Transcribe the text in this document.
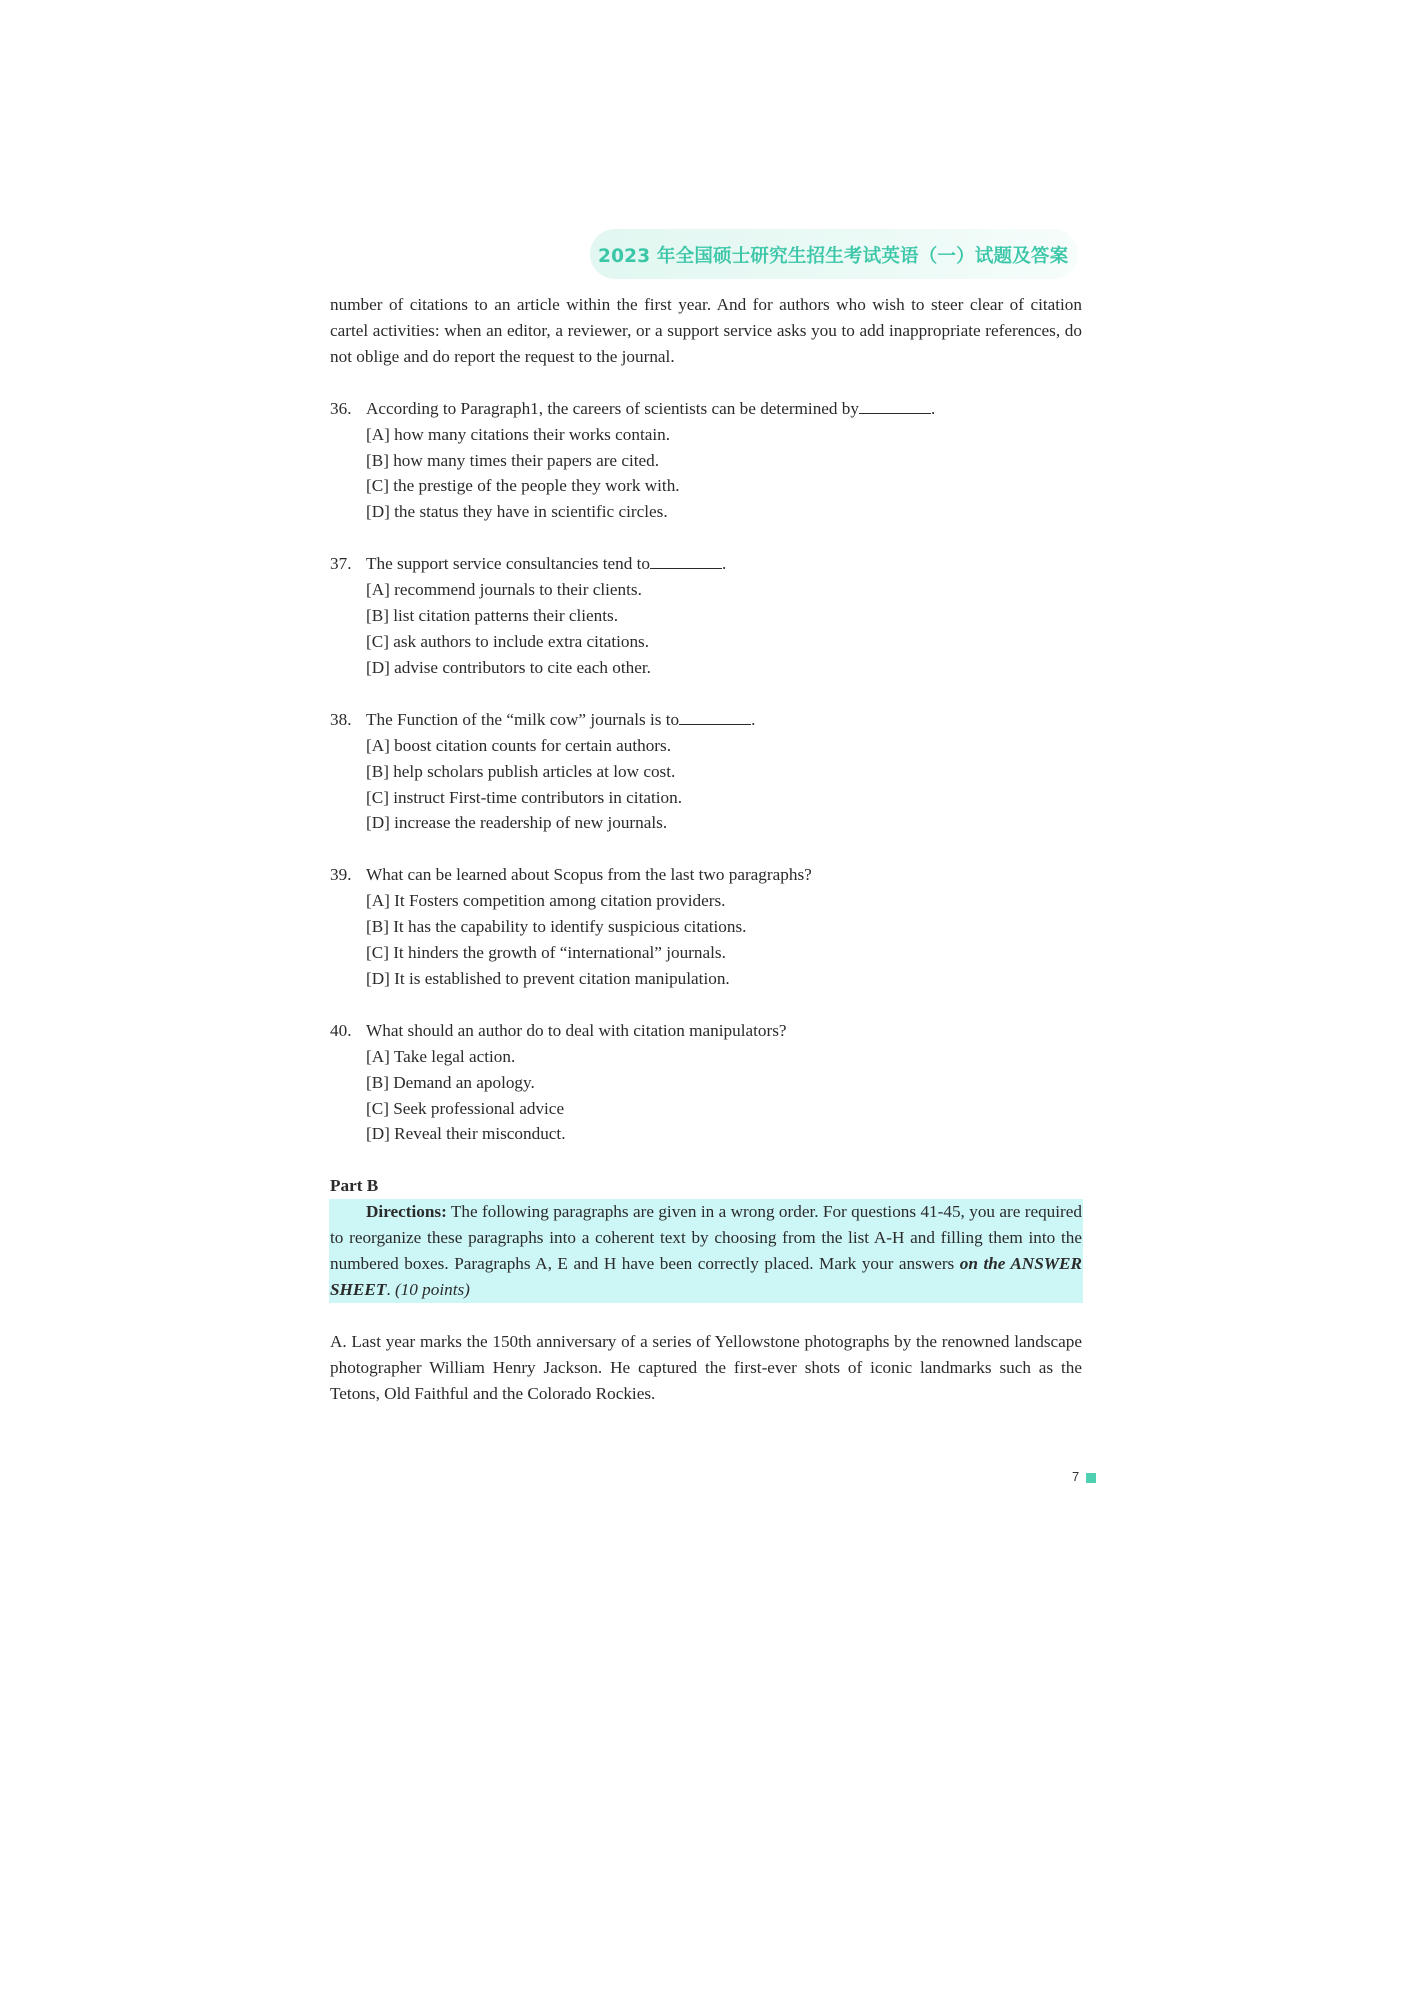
2023 年全国硕士研究生招生考试英语（一）试题及答案

number of citations to an article within the first year. And for authors who wish to steer clear of citation cartel activities: when an editor, a reviewer, or a support service asks you to add inappropriate references, do not oblige and do report the request to the journal.

36. According to Paragraph1, the careers of scientists can be determined by	.
[A] how many citations their works contain.
[B] how many times their papers are cited.
[C] the prestige of the people they work with.
[D] the status they have in scientific circles.
37. The support service consultancies tend to	.
[A] recommend journals to their clients.
[B] list citation patterns their clients.
[C] ask authors to include extra citations.
[D] advise contributors to cite each other.
38. The Function of the “milk cow” journals is to	.
[A] boost citation counts for certain authors.
[B] help scholars publish articles at low cost.
[C] instruct First-time contributors in citation.
[D] increase the readership of new journals.
39. What can be learned about Scopus from the last two paragraphs?
[A] It Fosters competition among citation providers.
[B] It has the capability to identify suspicious citations.
[C] It hinders the growth of “international” journals.
[D] It is established to prevent citation manipulation.
40. What should an author do to deal with citation manipulators?
[A] Take legal action.
[B] Demand an apology.
[C] Seek professional advice
[D] Reveal their misconduct.
Part B
Directions: The following paragraphs are given in a wrong order. For questions 41-45, you are required to reorganize these paragraphs into a coherent text by choosing from the list A-H and filling them into the numbered boxes. Paragraphs A, E and H have been correctly placed. Mark your answers on the ANSWER SHEET. (10 points)

A. Last year marks the 150th anniversary of a series of Yellowstone photographs by the renowned landscape photographer William Henry Jackson. He captured the first-ever shots of iconic landmarks such as the Tetons, Old Faithful and the Colorado Rockies.

7
